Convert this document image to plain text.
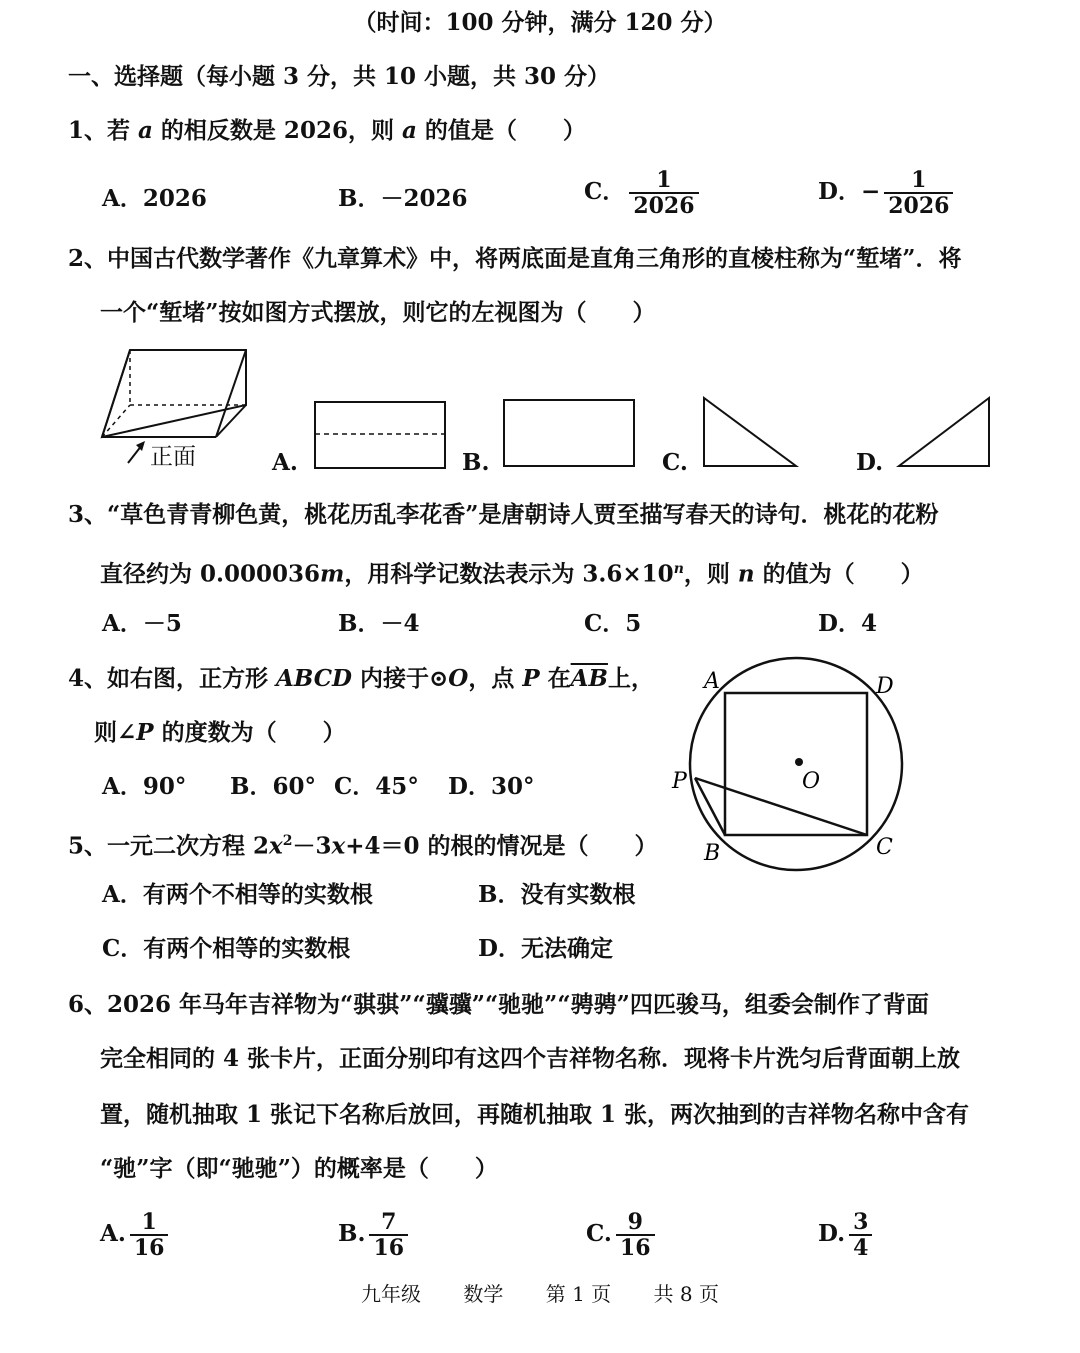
（时间：100 分钟，满分 120 分）
一、选择题（每小题 3 分，共 10 小题，共 30 分）
1、若 a 的相反数是 2026，则 a 的值是（　　）
A．2026	B．－2026	C． $\frac{1}{2026}$	D．− $\frac{1}{2026}$
2、中国古代数学著作《九章算术》中，将两底面是直角三角形的直棱柱称为“堑堵”．将
一个“堑堵”按如图方式摆放，则它的左视图为（　　）
正面	A.	B.	C.	D.
3、“草色青青柳色黄，桃花历乱李花香”是唐朝诗人贾至描写春天的诗句．桃花的花粉
直径约为 0.000036m，用科学记数法表示为 $3.6\times 10^n$，则 n 的值为（　　）
A．－5	B．－4	C．5	D．4
4、如右图，正方形 ABCD 内接于⊙O，点 P 在$\overline{AB}$上，
则∠P 的度数为（　　）
A．90° B．60° C．45° D．30°
A	D
O
P
B	C
5、一元二次方程 $2x^2-3x+4=0$ 的根的情况是（　　）
A．有两个不相等的实数根	B．没有实数根
C．有两个相等的实数根	D．无法确定
6、2026 年马年吉祥物为“骐骐”“骥骥”“驰驰”“骋骋”四匹骏马，组委会制作了背面
完全相同的 4 张卡片，正面分别印有这四个吉祥物名称．现将卡片洗匀后背面朝上放
置，随机抽取 1 张记下名称后放回，再随机抽取 1 张，两次抽到的吉祥物名称中含有
“驰”字（即“驰驰”）的概率是（　　）
A. $\frac{1}{16}$	B. $\frac{7}{16}$	C. $\frac{9}{16}$	D. $\frac{3}{4}$
九年级 数学 第 1 页 共 8 页
